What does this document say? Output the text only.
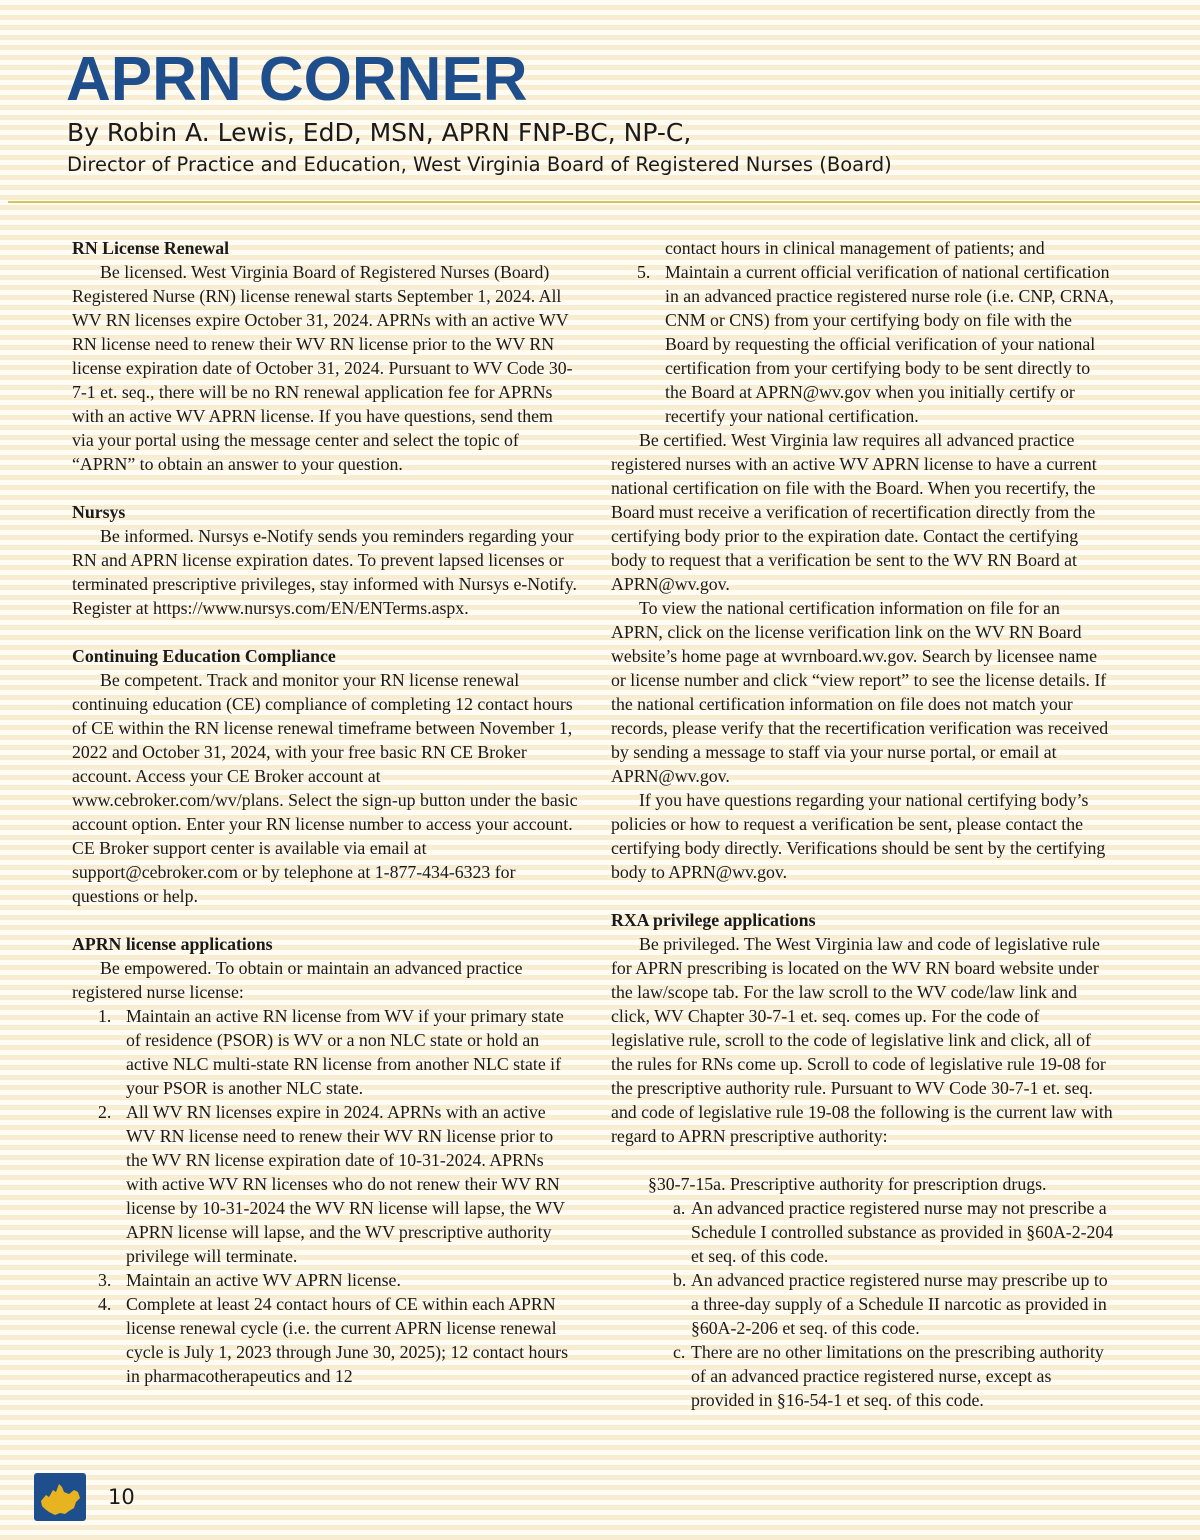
APRN CORNER
By Robin A. Lewis, EdD, MSN, APRN FNP-BC, NP-C,
Director of Practice and Education, West Virginia Board of Registered Nurses (Board)
RN License Renewal

Be licensed. West Virginia Board of Registered Nurses (Board) Registered Nurse (RN) license renewal starts September 1, 2024. All WV RN licenses expire October 31, 2024. APRNs with an active WV RN license need to renew their WV RN license prior to the WV RN license expiration date of October 31, 2024. Pursuant to WV Code 30-7-1 et. seq., there will be no RN renewal application fee for APRNs with an active WV APRN license. If you have questions, send them via your portal using the message center and select the topic of “APRN” to obtain an answer to your question.

Nursys

Be informed. Nursys e-Notify sends you reminders regarding your RN and APRN license expiration dates. To prevent lapsed licenses or terminated prescriptive privileges, stay informed with Nursys e-Notify. Register at https://www.nursys.com/EN/ENTerms.aspx.

Continuing Education Compliance

Be competent. Track and monitor your RN license renewal continuing education (CE) compliance of completing 12 contact hours of CE within the RN license renewal timeframe between November 1, 2022 and October 31, 2024, with your free basic RN CE Broker account. Access your CE Broker account at www.cebroker.com/wv/plans. Select the sign-up button under the basic account option. Enter your RN license number to access your account. CE Broker support center is available via email at support@cebroker.com or by telephone at 1-877-434-6323 for questions or help.

APRN license applications

Be empowered. To obtain or maintain an advanced practice registered nurse license:

1. Maintain an active RN license from WV if your primary state of residence (PSOR) is WV or a non NLC state or hold an active NLC multi-state RN license from another NLC state if your PSOR is another NLC state.
2. All WV RN licenses expire in 2024. APRNs with an active WV RN license need to renew their WV RN license prior to the WV RN license expiration date of 10-31-2024. APRNs with active WV RN licenses who do not renew their WV RN license by 10-31-2024 the WV RN license will lapse, the WV APRN license will lapse, and the WV prescriptive authority privilege will terminate.
3. Maintain an active WV APRN license.
4. Complete at least 24 contact hours of CE within each APRN license renewal cycle (i.e. the current APRN license renewal cycle is July 1, 2023 through June 30, 2025); 12 contact hours in pharmacotherapeutics and 12

contact hours in clinical management of patients; and

5. Maintain a current official verification of national certification in an advanced practice registered nurse role (i.e. CNP, CRNA, CNM or CNS) from your certifying body on file with the Board by requesting the official verification of your national certification from your certifying body to be sent directly to the Board at APRN@wv.gov when you initially certify or recertify your national certification.

Be certified. West Virginia law requires all advanced practice registered nurses with an active WV APRN license to have a current national certification on file with the Board. When you recertify, the Board must receive a verification of recertification directly from the certifying body prior to the expiration date. Contact the certifying body to request that a verification be sent to the WV RN Board at APRN@wv.gov.

To view the national certification information on file for an APRN, click on the license verification link on the WV RN Board website’s home page at wvrnboard.wv.gov. Search by licensee name or license number and click “view report” to see the license details. If the national certification information on file does not match your records, please verify that the recertification verification was received by sending a message to staff via your nurse portal, or email at APRN@wv.gov.

If you have questions regarding your national certifying body’s policies or how to request a verification be sent, please contact the certifying body directly. Verifications should be sent by the certifying body to APRN@wv.gov.

RXA privilege applications

Be privileged. The West Virginia law and code of legislative rule for APRN prescribing is located on the WV RN board website under the law/scope tab. For the law scroll to the WV code/law link and click, WV Chapter 30-7-1 et. seq. comes up. For the code of legislative rule, scroll to the code of legislative link and click, all of the rules for RNs come up. Scroll to code of legislative rule 19-08 for the prescriptive authority rule. Pursuant to WV Code 30-7-1 et. seq. and code of legislative rule 19-08 the following is the current law with regard to APRN prescriptive authority:

§30-7-15a. Prescriptive authority for prescription drugs.

a. An advanced practice registered nurse may not prescribe a Schedule I controlled substance as provided in §60A-2-204 et seq. of this code.
b. An advanced practice registered nurse may prescribe up to a three-day supply of a Schedule II narcotic as provided in §60A-2-206 et seq. of this code.
c. There are no other limitations on the prescribing authority of an advanced practice registered nurse, except as provided in §16-54-1 et seq. of this code.
10
